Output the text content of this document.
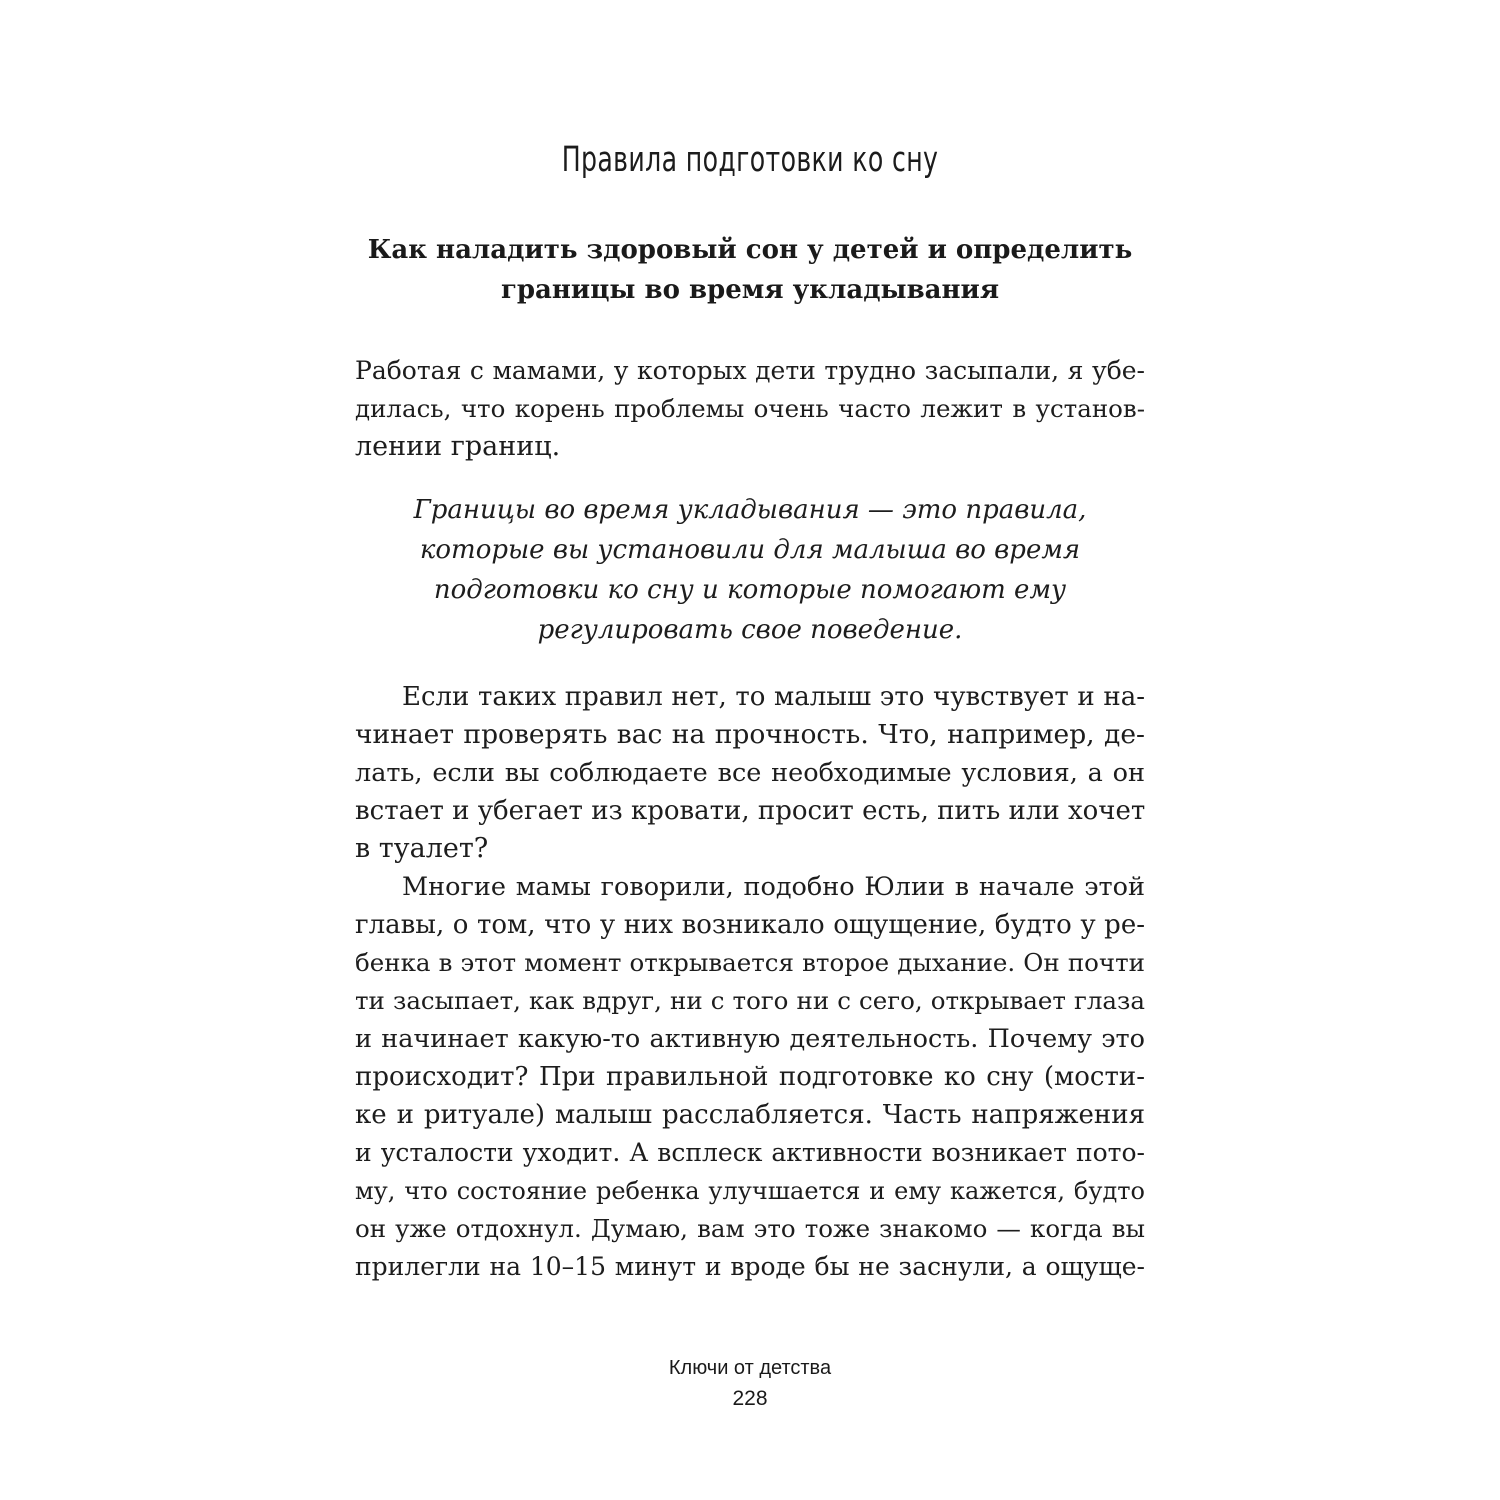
Правила подготовки ко сну
Как наладить здоровый сон у детей и определить
границы во время укладывания
Работая с мамами, у которых дети трудно засыпали, я убе-
дилась, что корень проблемы очень часто лежит в установ-
лении границ.
Границы во время укладывания — это правила,
которые вы установили для малыша во время
подготовки ко сну и которые помогают ему
регулировать свое поведение.
Если таких правил нет, то малыш это чувствует и на-
чинает проверять вас на прочность. Что, например, де-
лать, если вы соблюдаете все необходимые условия, а он
встает и убегает из кровати, просит есть, пить или хочет
в туалет?
Многие мамы говорили, подобно Юлии в начале этой
главы, о том, что у них возникало ощущение, будто у ре-
бенка в этот момент открывается второе дыхание. Он почти
ти засыпает, как вдруг, ни с того ни с сего, открывает глаза
и начинает какую-то активную деятельность. Почему это
происходит? При правильной подготовке ко сну (мости-
ке и ритуале) малыш расслабляется. Часть напряжения
и усталости уходит. А всплеск активности возникает пото-
му, что состояние ребенка улучшается и ему кажется, будто
он уже отдохнул. Думаю, вам это тоже знакомо — когда вы
прилегли на 10–15 минут и вроде бы не заснули, а ощуще-
Ключи от детства
228
